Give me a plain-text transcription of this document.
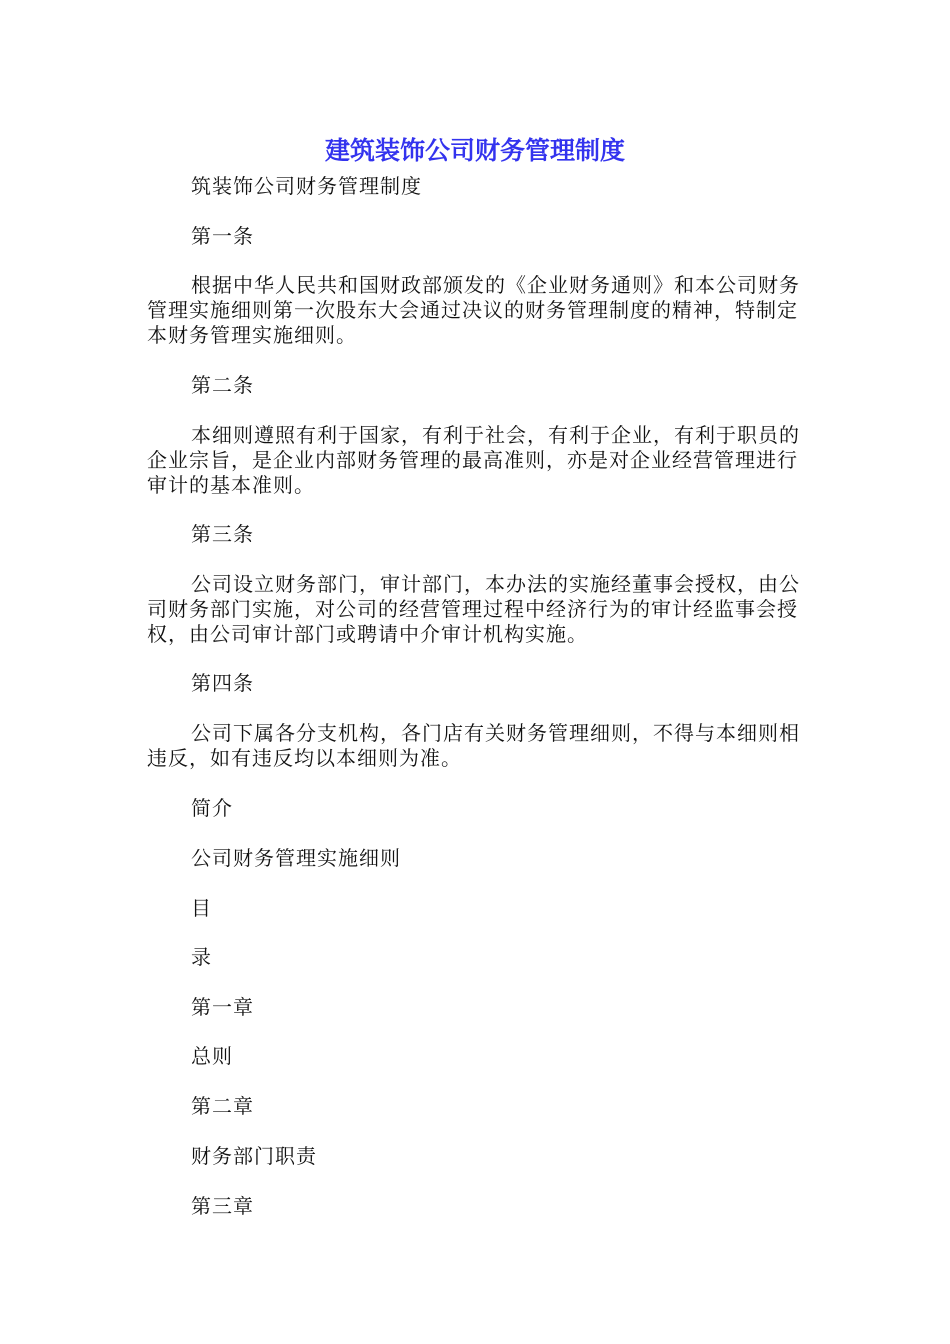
建筑装饰公司财务管理制度

筑装饰公司财务管理制度

第一条

根据中华人民共和国财政部颁发的《企业财务通则》和本公司财务管理实施细则第一次股东大会通过决议的财务管理制度的精神，特制定本财务管理实施细则。

第二条

本细则遵照有利于国家，有利于社会，有利于企业，有利于职员的企业宗旨，是企业内部财务管理的最高准则，亦是对企业经营管理进行审计的基本准则。

第三条

公司设立财务部门，审计部门，本办法的实施经董事会授权，由公司财务部门实施，对公司的经营管理过程中经济行为的审计经监事会授权，由公司审计部门或聘请中介审计机构实施。

第四条

公司下属各分支机构，各门店有关财务管理细则，不得与本细则相违反，如有违反均以本细则为准。

简介

公司财务管理实施细则

目

录

第一章

总则

第二章

财务部门职责

第三章
